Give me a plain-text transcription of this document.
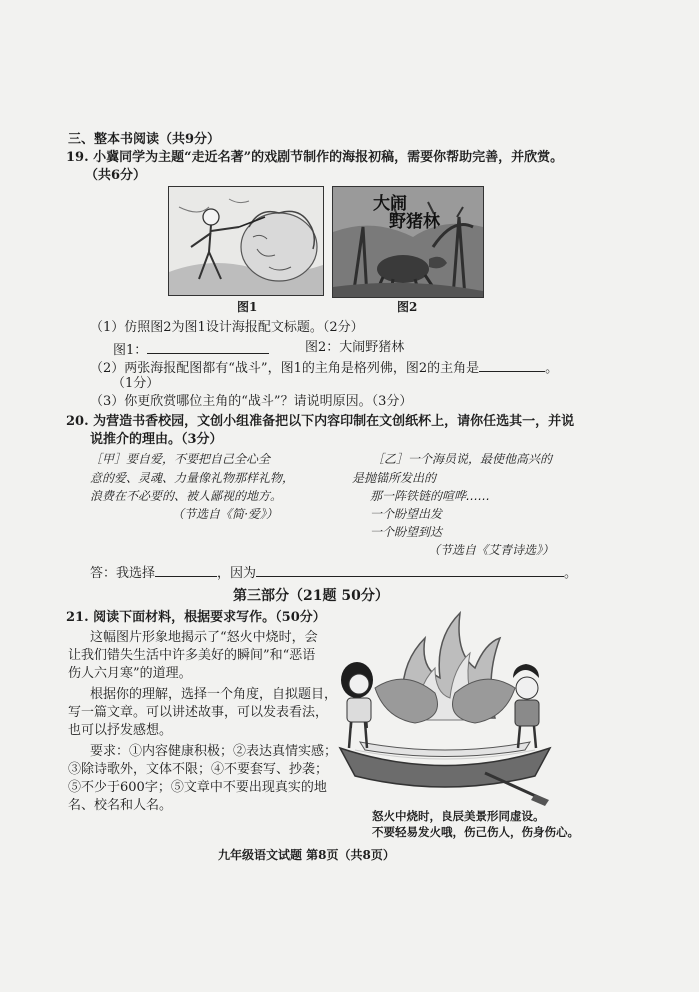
三、整本书阅读（共9分）
19. 小冀同学为主题“走近名著”的戏剧节制作的海报初稿，需要你帮助完善，并欣赏。
（共6分）
图1
大闹
野猪林
图2
（1）仿照图2为图1设计海报配文标题。（2分）
图1：	图2：大闹野猪林
（2）两张海报配图都有“战斗”，图1的主角是格列佛，图2的主角是	。
（1分）
（3）你更欣赏哪位主角的“战斗”？请说明原因。（3分）
20. 为营造书香校园，文创小组准备把以下内容印制在文创纸杯上，请你任选其一，并说
说推介的理由。（3分）
［甲］要自爱，不要把自己全心全
意的爱、灵魂、力量像礼物那样礼物，
浪费在不必要的、被人鄙视的地方。
（节选自《简·爱》）
［乙］一个海员说，最使他高兴的
是抛锚所发出的
那一阵铁链的喧哗……
一个盼望出发
一个盼望到达
（节选自《艾青诗选》）
答：我选择	，因为	。
第三部分（21题 50分）
21. 阅读下面材料，根据要求写作。（50分）
这幅图片形象地揭示了“怒火中烧时，会
让我们错失生活中许多美好的瞬间”和“恶语
伤人六月寒”的道理。
根据你的理解，选择一个角度，自拟题目，
写一篇文章。可以讲述故事，可以发表看法，
也可以抒发感想。
要求：①内容健康积极；②表达真情实感；
③除诗歌外，文体不限；④不要套写、抄袭；
⑤不少于600字；⑤文章中不要出现真实的地
名、校名和人名。
怒火中烧时，良辰美景形同虚设。
不要轻易发火哦，伤己伤人，伤身伤心。
九年级语文试题 第8页（共8页）
